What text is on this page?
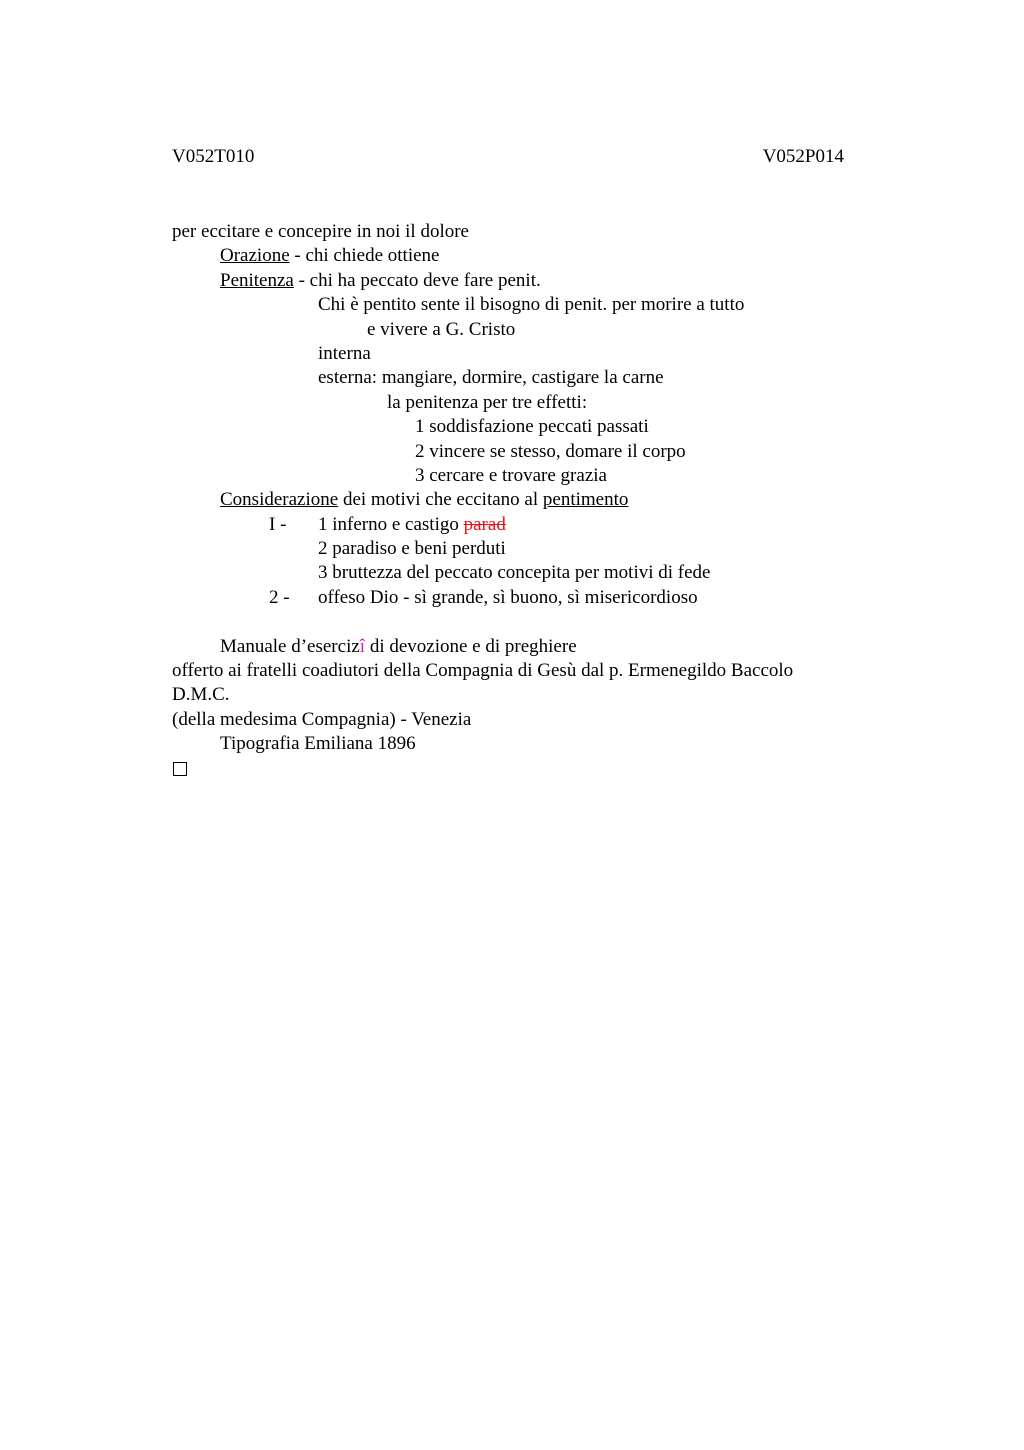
V052T010	V052P014
per eccitare e concepire in noi il dolore
Orazione - chi chiede ottiene
Penitenza - chi ha peccato deve fare penit.
Chi è pentito sente il bisogno di penit. per morire a tutto
e vivere a G. Cristo
interna
esterna: mangiare, dormire, castigare la carne
la penitenza per tre effetti:
1 soddisfazione peccati passati
2 vincere se stesso, domare il corpo
3 cercare e trovare grazia
Considerazione dei motivi che eccitano al pentimento
I - 1 inferno e castigo parad
2 paradiso e beni perduti
3 bruttezza del peccato concepita per motivi di fede
2 - offeso Dio - sì grande, sì buono, sì misericordioso
Manuale d’esercizî di devozione e di preghiere
offerto ai fratelli coadiutori della Compagnia di Gesù dal p. Ermenegildo Baccolo
D.M.C.
(della medesima Compagnia) - Venezia
Tipografia Emiliana 1896
